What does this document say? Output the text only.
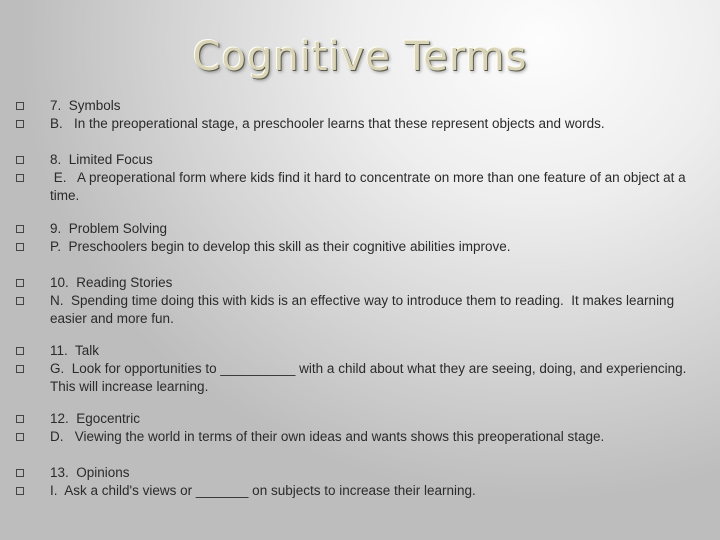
Cognitive Terms
7.  Symbols
B.   In the preoperational stage, a preschooler learns that these represent objects and words.
8.  Limited Focus
E.   A preoperational form where kids find it hard to concentrate on more than one feature of an object at a time.
9.  Problem Solving
P.  Preschoolers begin to develop this skill as their cognitive abilities improve.
10.  Reading Stories
N.  Spending time doing this with kids is an effective way to introduce them to reading.  It makes learning easier and more fun.
11.  Talk
G.  Look for opportunities to __________ with a child about what they are seeing, doing, and experiencing.  This will increase learning.
12.  Egocentric
D.   Viewing the world in terms of their own ideas and wants shows this preoperational stage.
13.  Opinions
I.  Ask a child's views or _______ on subjects to increase their learning.
